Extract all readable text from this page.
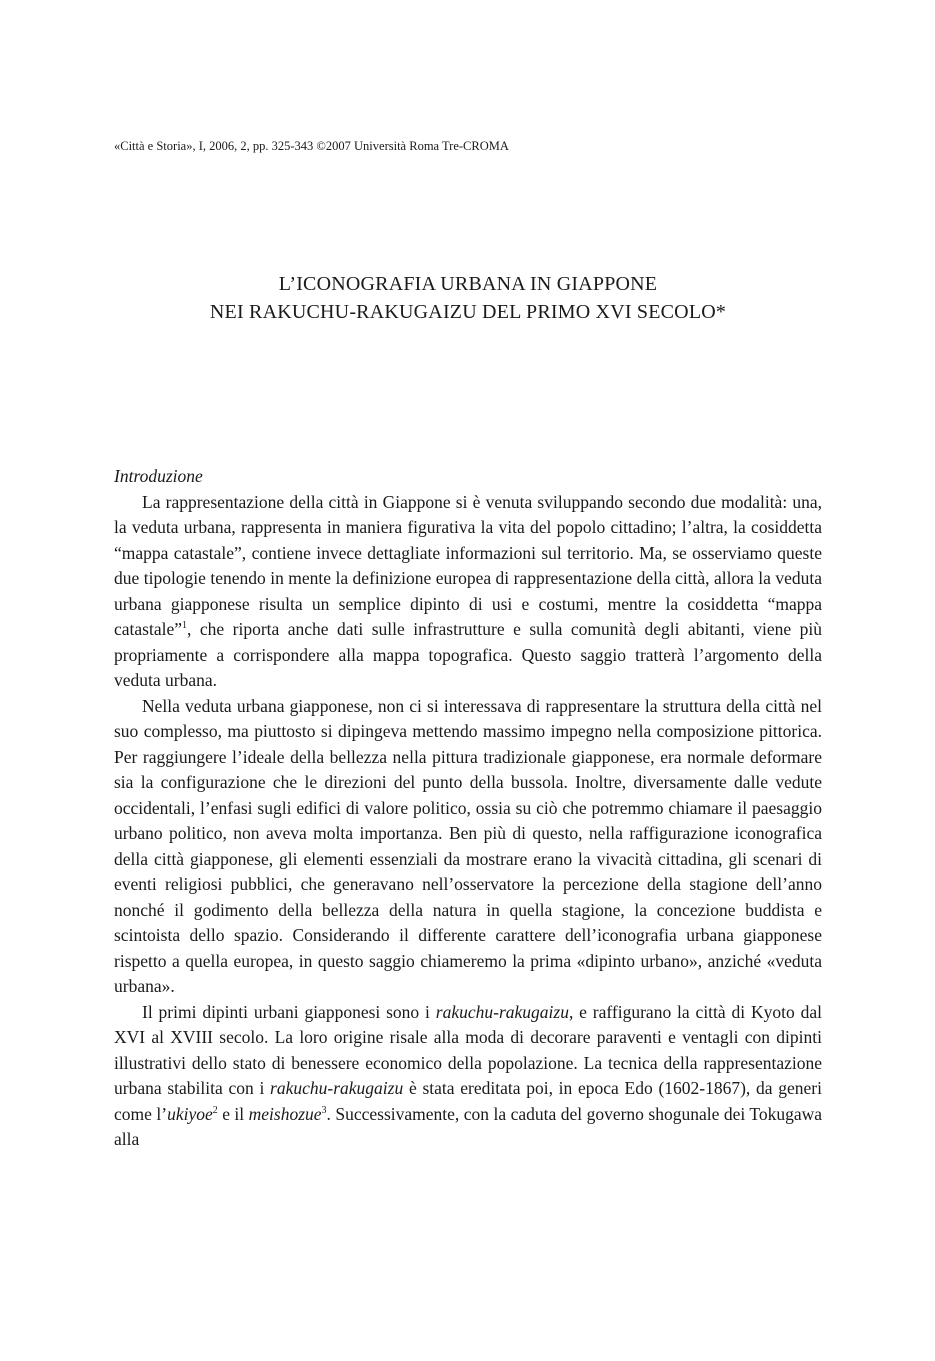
«Città e Storia», I, 2006, 2, pp. 325-343 ©2007 Università Roma Tre-CROMA
L’ICONOGRAFIA URBANA IN GIAPPONE
NEI RAKUCHU-RAKUGAIZU DEL PRIMO XVI SECOLO*

Introduzione

La rappresentazione della città in Giappone si è venuta sviluppando secondo due modalità: una, la veduta urbana, rappresenta in maniera figurativa la vita del popolo cittadino; l’altra, la cosiddetta “mappa catastale”, contiene invece dettagliate informazioni sul territorio. Ma, se osserviamo queste due tipologie tenendo in mente la definizione europea di rappresentazione della città, allora la veduta urbana giapponese risulta un semplice dipinto di usi e costumi, mentre la cosiddetta “mappa catastale”$^1$, che riporta anche dati sulle infrastrutture e sulla comunità degli abitanti, viene più propriamente a corrispondere alla mappa topografica. Questo saggio tratterà l’argomento della veduta urbana.

Nella veduta urbana giapponese, non ci si interessava di rappresentare la struttura della città nel suo complesso, ma piuttosto si dipingeva mettendo massimo impegno nella composizione pittorica. Per raggiungere l’ideale della bellezza nella pittura tradizionale giapponese, era normale deformare sia la configurazione che le direzioni del punto della bussola. Inoltre, diversamente dalle vedute occidentali, l’enfasi sugli edifici di valore politico, ossia su ciò che potremmo chiamare il paesaggio urbano politico, non aveva molta importanza. Ben più di questo, nella raffigurazione iconografica della città giapponese, gli elementi essenziali da mostrare erano la vivacità cittadina, gli scenari di eventi religiosi pubblici, che generavano nell’osservatore la percezione della stagione dell’anno nonché il godimento della bellezza della natura in quella stagione, la concezione buddista e scintoista dello spazio. Considerando il differente carattere dell’iconografia urbana giapponese rispetto a quella europea, in questo saggio chiameremo la prima «dipinto urbano», anziché «veduta urbana».

Il primi dipinti urbani giapponesi sono i rakuchu-rakugaizu, e raffigurano la città di Kyoto dal XVI al XVIII secolo. La loro origine risale alla moda di decorare paraventi e ventagli con dipinti illustrativi dello stato di benessere economico della popolazione. La tecnica della rappresentazione urbana stabilita con i rakuchu-rakugaizu è stata ereditata poi, in epoca Edo (1602-1867), da generi come l’ukiyoe$^2$ e il meishozue$^3$. Successivamente, con la caduta del governo shogunale dei Tokugawa alla
